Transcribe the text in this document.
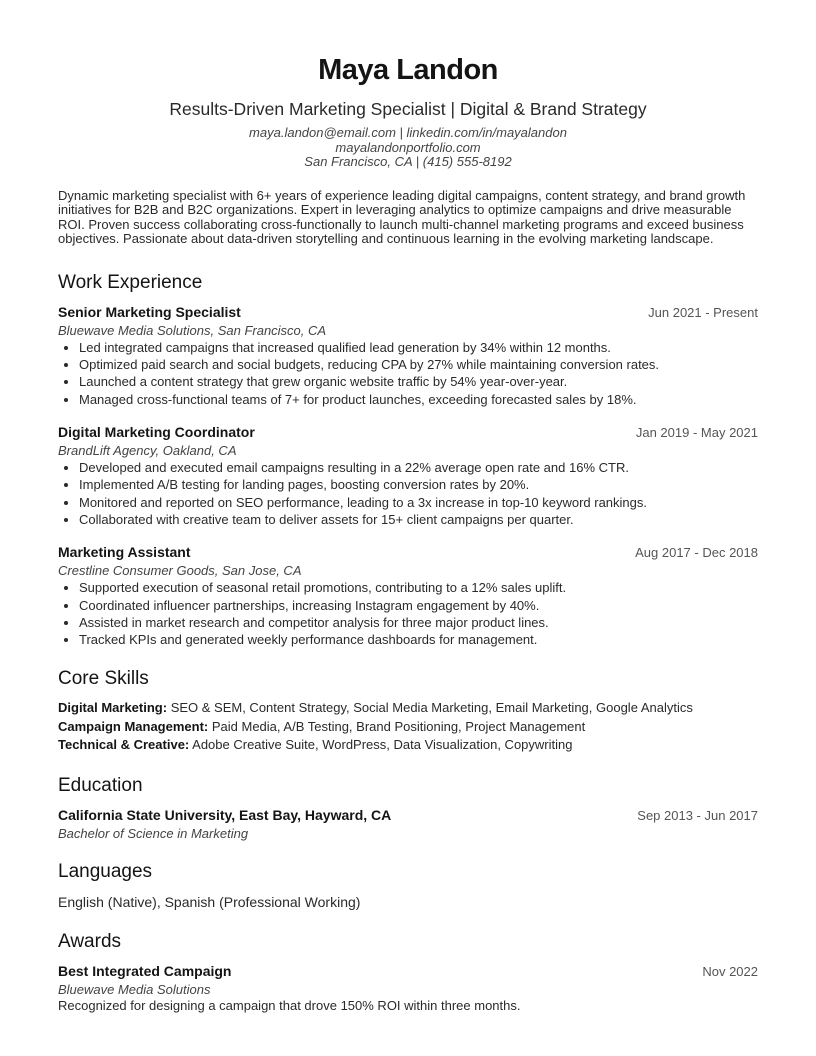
Maya Landon
Results-Driven Marketing Specialist | Digital & Brand Strategy
maya.landon@email.com | linkedin.com/in/mayalandon
mayalandonportfolio.com
San Francisco, CA | (415) 555-8192
Dynamic marketing specialist with 6+ years of experience leading digital campaigns, content strategy, and brand growth initiatives for B2B and B2C organizations. Expert in leveraging analytics to optimize campaigns and drive measurable ROI. Proven success collaborating cross-functionally to launch multi-channel marketing programs and exceed business objectives. Passionate about data-driven storytelling and continuous learning in the evolving marketing landscape.
Work Experience
Senior Marketing Specialist	Jun 2021 - Present
Bluewave Media Solutions, San Francisco, CA
• Led integrated campaigns that increased qualified lead generation by 34% within 12 months.
• Optimized paid search and social budgets, reducing CPA by 27% while maintaining conversion rates.
• Launched a content strategy that grew organic website traffic by 54% year-over-year.
• Managed cross-functional teams of 7+ for product launches, exceeding forecasted sales by 18%.
Digital Marketing Coordinator	Jan 2019 - May 2021
BrandLift Agency, Oakland, CA
• Developed and executed email campaigns resulting in a 22% average open rate and 16% CTR.
• Implemented A/B testing for landing pages, boosting conversion rates by 20%.
• Monitored and reported on SEO performance, leading to a 3x increase in top-10 keyword rankings.
• Collaborated with creative team to deliver assets for 15+ client campaigns per quarter.
Marketing Assistant	Aug 2017 - Dec 2018
Crestline Consumer Goods, San Jose, CA
• Supported execution of seasonal retail promotions, contributing to a 12% sales uplift.
• Coordinated influencer partnerships, increasing Instagram engagement by 40%.
• Assisted in market research and competitor analysis for three major product lines.
• Tracked KPIs and generated weekly performance dashboards for management.
Core Skills
Digital Marketing: SEO & SEM, Content Strategy, Social Media Marketing, Email Marketing, Google Analytics
Campaign Management: Paid Media, A/B Testing, Brand Positioning, Project Management
Technical & Creative: Adobe Creative Suite, WordPress, Data Visualization, Copywriting
Education
California State University, East Bay, Hayward, CA	Sep 2013 - Jun 2017
Bachelor of Science in Marketing
Languages
English (Native), Spanish (Professional Working)
Awards
Best Integrated Campaign	Nov 2022
Bluewave Media Solutions
Recognized for designing a campaign that drove 150% ROI within three months.
